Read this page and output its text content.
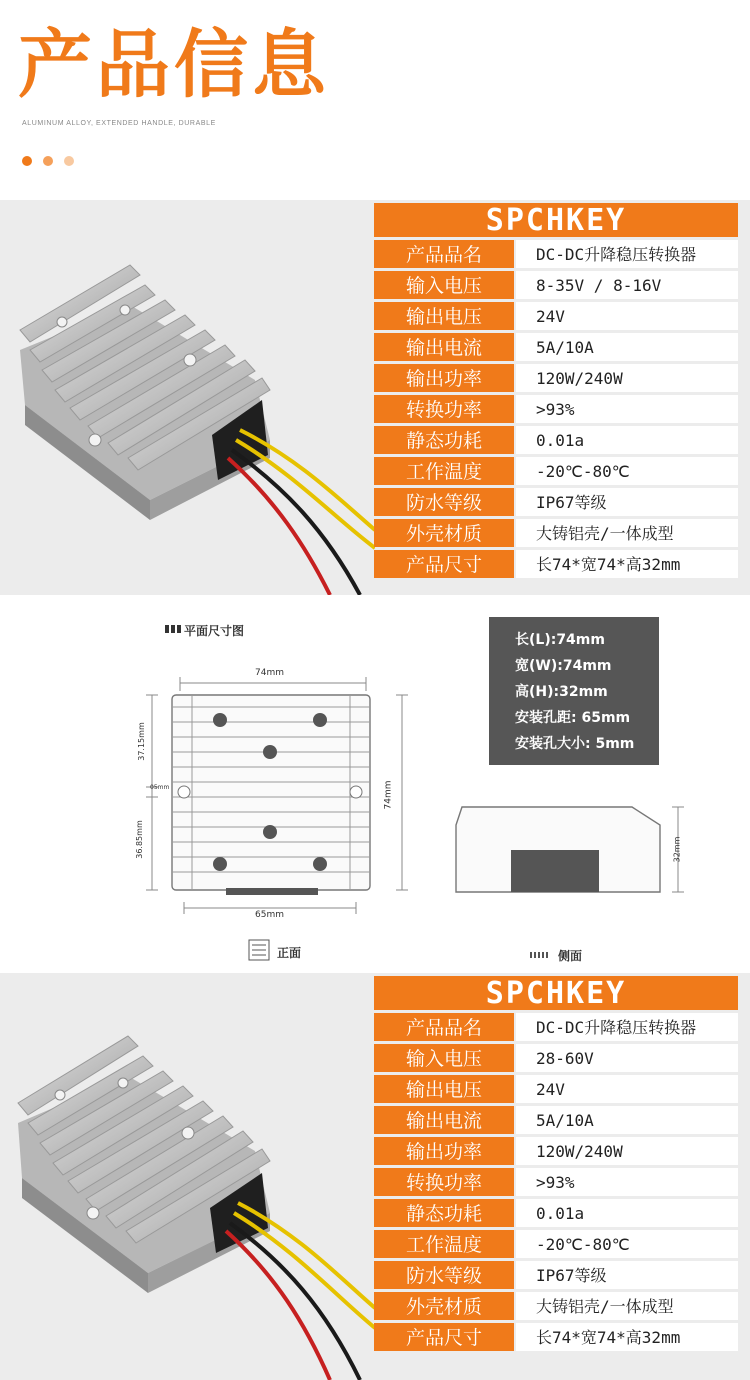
产品信息
ALUMINUM ALLOY, EXTENDED HANDLE, DURABLE

SPCHKEY
产品品名	DC-DC升降稳压转换器
输入电压	8-35V / 8-16V
输出电压	24V
输出电流	5A/10A
输出功率	120W/240W
转换功率	>93%
静态功耗	0.01a
工作温度	-20℃-80℃
防水等级	IP67等级
外壳材质	大铸铝壳/一体成型
产品尺寸	长74*宽74*高32mm
平面尺寸图
74mm
65mm
74mm
37.15mm
05mm
36.85mm	32mm
正面	侧面
长(L):74mm
宽(W):74mm
高(H):32mm
安装孔距: 65mm
安装孔大小: 5mm
SPCHKEY
产品品名	DC-DC升降稳压转换器
输入电压	28-60V
输出电压	24V
输出电流	5A/10A
输出功率	120W/240W
转换功率	>93%
静态功耗	0.01a
工作温度	-20℃-80℃
防水等级	IP67等级
外壳材质	大铸铝壳/一体成型
产品尺寸	长74*宽74*高32mm
